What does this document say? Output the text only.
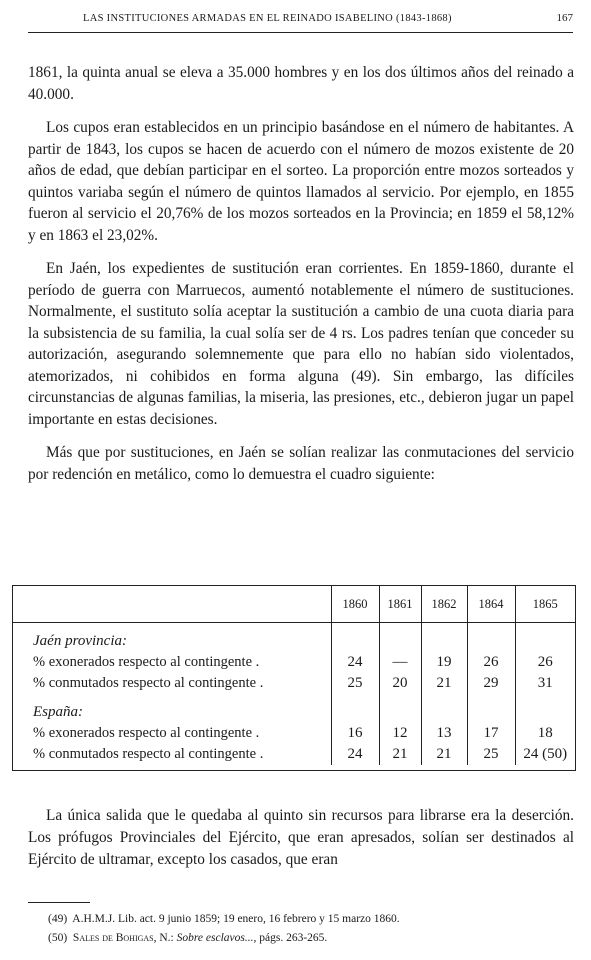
LAS INSTITUCIONES ARMADAS EN EL REINADO ISABELINO (1843-1868)	167

1861, la quinta anual se eleva a 35.000 hombres y en los dos últimos años del reinado a 40.000.

Los cupos eran establecidos en un principio basándose en el número de habitantes. A partir de 1843, los cupos se hacen de acuerdo con el número de mozos existente de 20 años de edad, que debían participar en el sorteo. La proporción entre mozos sorteados y quintos variaba según el número de quintos llamados al servicio. Por ejemplo, en 1855 fueron al servicio el 20,76% de los mozos sorteados en la Provincia; en 1859 el 58,12% y en 1863 el 23,02%.

En Jaén, los expedientes de sustitución eran corrientes. En 1859-1860, durante el período de guerra con Marruecos, aumentó notablemente el número de sustituciones. Normalmente, el sustituto solía aceptar la sustitución a cambio de una cuota diaria para la subsistencia de su familia, la cual solía ser de 4 rs. Los padres tenían que conceder su autorización, asegurando solemnemente que para ello no habían sido violentados, atemorizados, ni cohibidos en forma alguna (49). Sin embargo, las difíciles circunstancias de algunas familias, la miseria, las presiones, etc., debieron jugar un papel importante en estas decisiones.

Más que por sustituciones, en Jaén se solían realizar las conmutaciones del servicio por redención en metálico, como lo demuestra el cuadro siguiente:

	1860	1861	1862	1864	1865

Jaén provincia:					
% exonerados respecto al contingente .	24	—	19	26	26
% conmutados respecto al contingente .	25	20	21	29	31

España:					
% exonerados respecto al contingente .	16	12	13	17	18
% conmutados respecto al contingente .	24	21	21	25	24 (50)

La única salida que le quedaba al quinto sin recursos para librarse era la deserción. Los prófugos Provinciales del Ejército, que eran apresados, solían ser destinados al Ejército de ultramar, excepto los casados, que eran

(49) A.H.M.J. Lib. act. 9 junio 1859; 19 enero, 16 febrero y 15 marzo 1860.
(50) Sales de Bohigas, N.: Sobre esclavos..., págs. 263-265.
